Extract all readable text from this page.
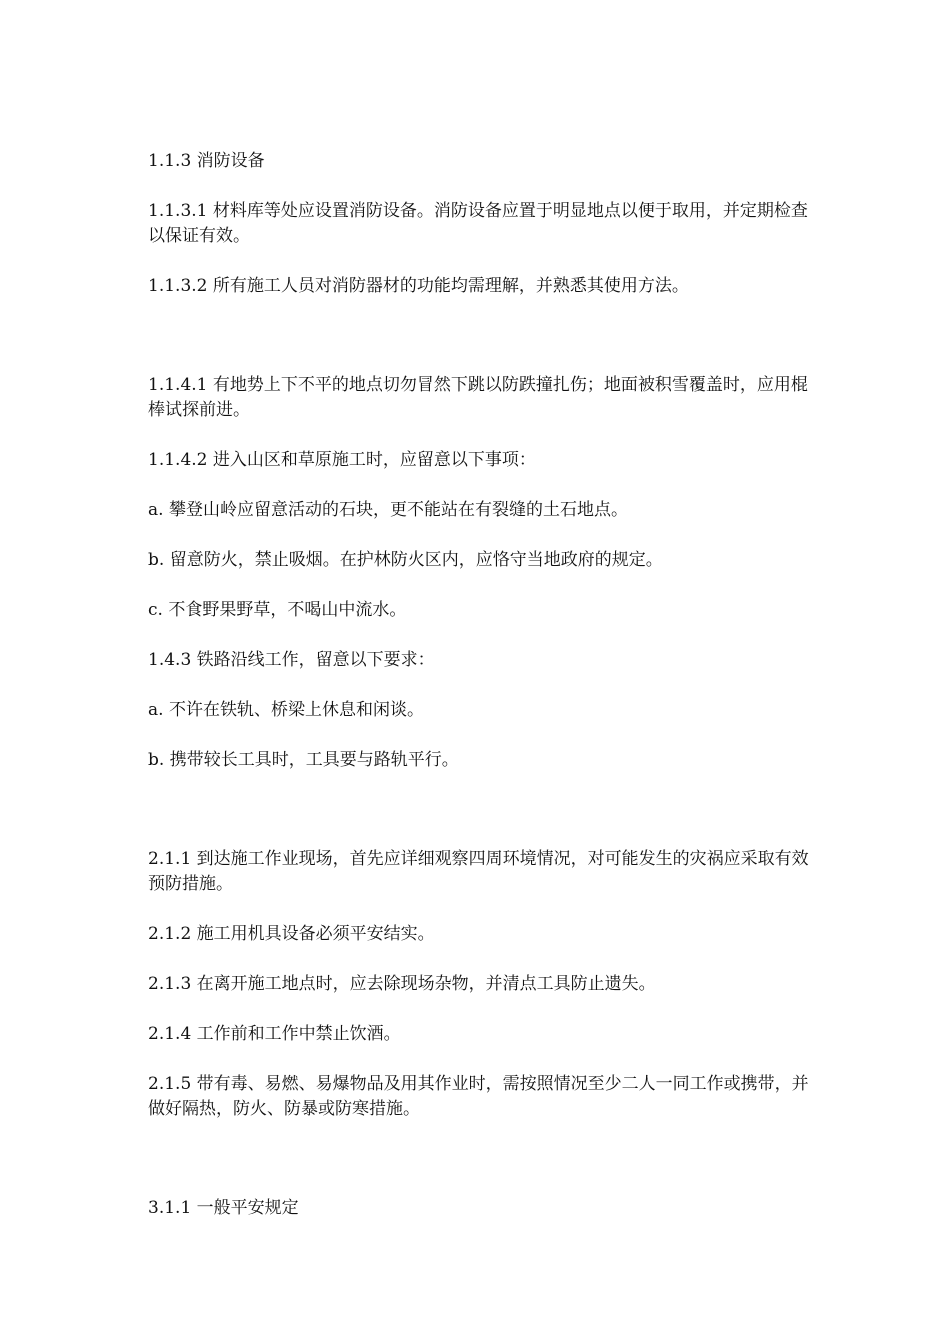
1.1.3 消防设备
1.1.3.1 材料库等处应设置消防设备。消防设备应置于明显地点以便于取用，并定期检查以保证有效。
1.1.3.2 所有施工人员对消防器材的功能均需理解，并熟悉其使用方法。
1.1.4.1 有地势上下不平的地点切勿冒然下跳以防跌撞扎伤；地面被积雪覆盖时，应用棍棒试探前进。
1.1.4.2 进入山区和草原施工时，应留意以下事项：
a. 攀登山岭应留意活动的石块，更不能站在有裂缝的土石地点。
b. 留意防火，禁止吸烟。在护林防火区内，应恪守当地政府的规定。
c. 不食野果野草，不喝山中流水。
1.4.3 铁路沿线工作，留意以下要求：
a. 不许在铁轨、桥梁上休息和闲谈。
b. 携带较长工具时，工具要与路轨平行。
2.1.1 到达施工作业现场，首先应详细观察四周环境情况，对可能发生的灾祸应采取有效预防措施。
2.1.2 施工用机具设备必须平安结实。
2.1.3 在离开施工地点时，应去除现场杂物，并清点工具防止遗失。
2.1.4 工作前和工作中禁止饮酒。
2.1.5 带有毒、易燃、易爆物品及用其作业时，需按照情况至少二人一同工作或携带，并做好隔热，防火、防暴或防寒措施。
3.1.1 一般平安规定
